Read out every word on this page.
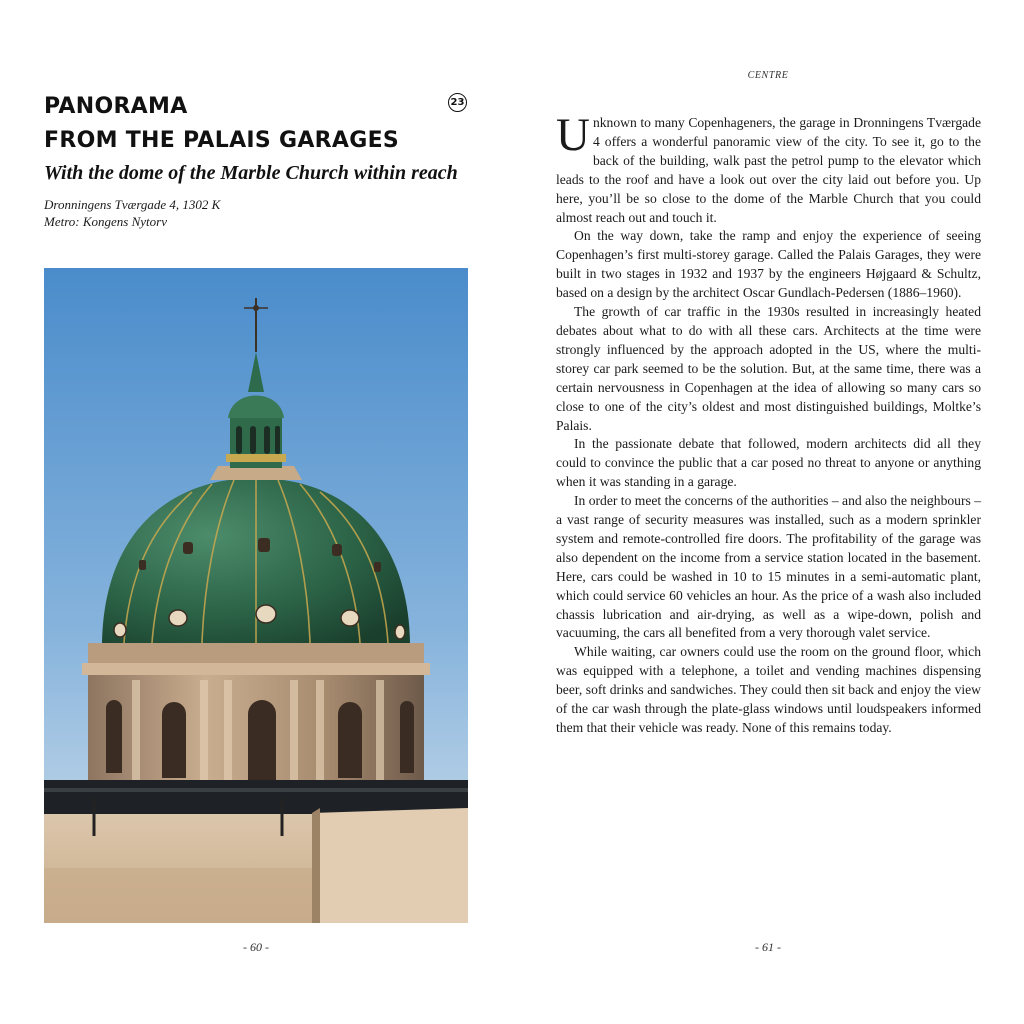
PANORAMA
FROM THE PALAIS GARAGES
23
With the dome of the Marble Church within reach
Dronningens Tværgade 4, 1302 K
Metro: Kongens Nytorv
- 60 -
CENTRE

Unknown to many Copenhageners, the garage in Dronningens Tværgade 4 offers a wonderful panoramic view of the city. To see it, go to the back of the building, walk past the petrol pump to the elevator which leads to the roof and have a look out over the city laid out before you. Up here, you’ll be so close to the dome of the Marble Church that you could almost reach out and touch it.

On the way down, take the ramp and enjoy the experience of seeing Copenhagen’s first multi-storey garage. Called the Palais Garages, they were built in two stages in 1932 and 1937 by the engineers Højgaard & Schultz, based on a design by the architect Oscar Gundlach-Pedersen (1886–1960).

The growth of car traffic in the 1930s resulted in increasingly heated debates about what to do with all these cars. Architects at the time were strongly influenced by the approach adopted in the US, where the multi-storey car park seemed to be the solution. But, at the same time, there was a certain nervousness in Copenhagen at the idea of allowing so many cars so close to one of the city’s oldest and most distinguished buildings, Moltke’s Palais.

In the passionate debate that followed, modern architects did all they could to convince the public that a car posed no threat to anyone or anything when it was standing in a garage.

In order to meet the concerns of the authorities – and also the neighbours – a vast range of security measures was installed, such as a modern sprinkler system and remote-controlled fire doors. The profitability of the garage was also dependent on the income from a service station located in the basement. Here, cars could be washed in 10 to 15 minutes in a semi-automatic plant, which could service 60 vehicles an hour. As the price of a wash also included chassis lubrication and air-drying, as well as a wipe-down, polish and vacuuming, the cars all benefited from a very thorough valet service.

While waiting, car owners could use the room on the ground floor, which was equipped with a telephone, a toilet and vending machines dispensing beer, soft drinks and sandwiches. They could then sit back and enjoy the view of the car wash through the plate-glass windows until loudspeakers informed them that their vehicle was ready. None of this remains today.

- 61 -
